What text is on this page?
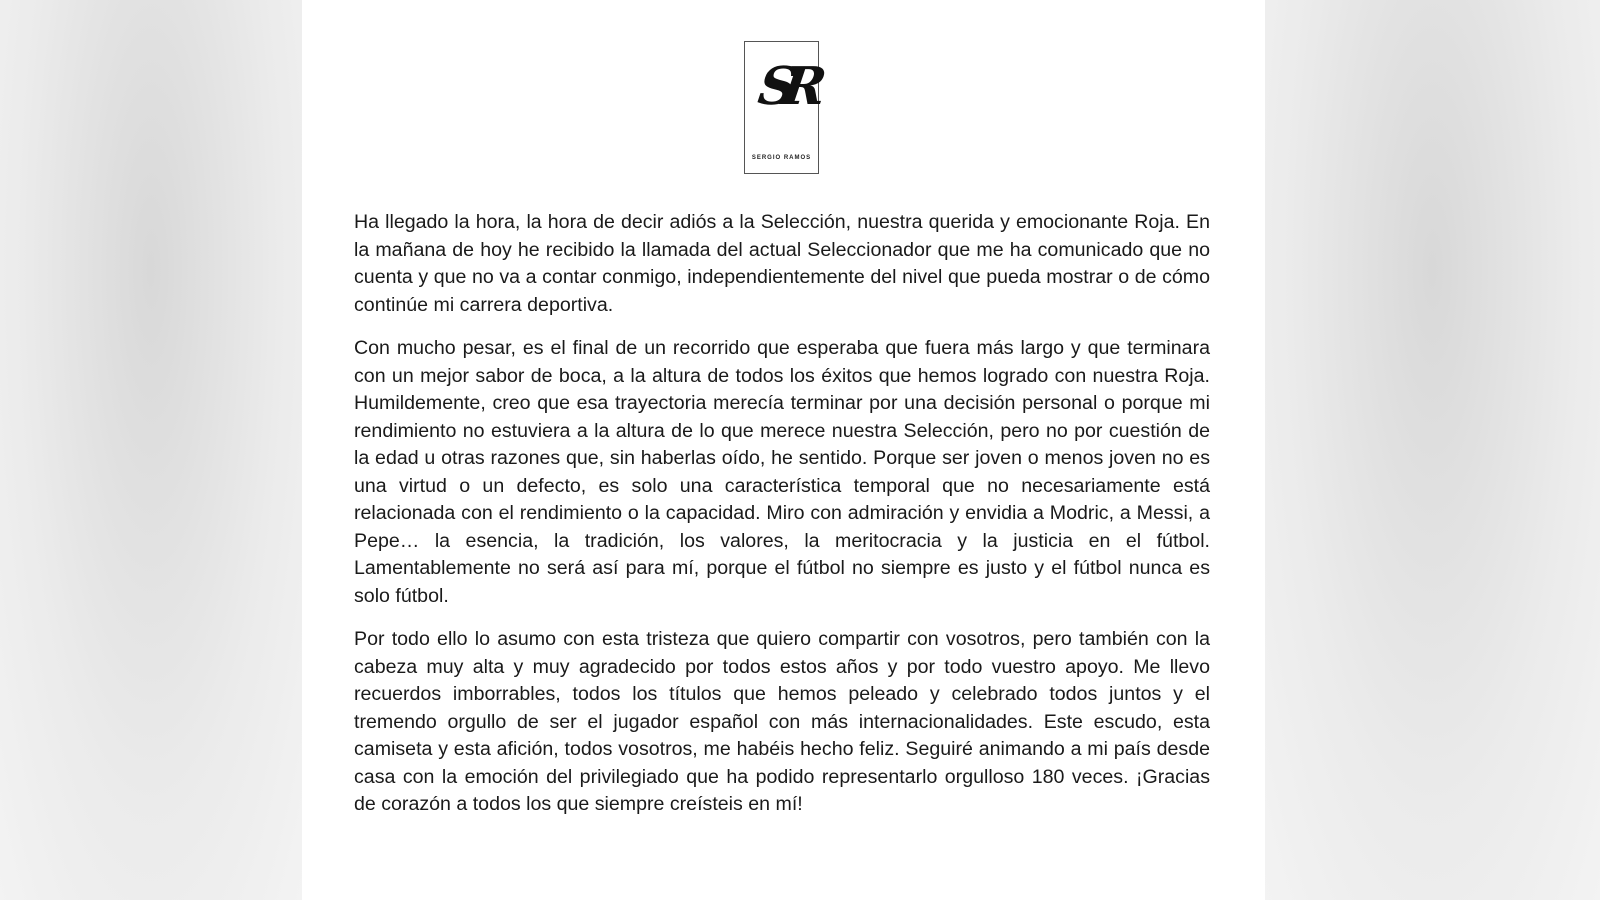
SR
SERGIO RAMOS

Ha llegado la hora, la hora de decir adiós a la Selección, nuestra querida y emocionante Roja. En la mañana de hoy he recibido la llamada del actual Seleccionador que me ha comunicado que no cuenta y que no va a contar conmigo, independientemente del nivel que pueda mostrar o de cómo continúe mi carrera deportiva.

Con mucho pesar, es el final de un recorrido que esperaba que fuera más largo y que terminara con un mejor sabor de boca, a la altura de todos los éxitos que hemos logrado con nuestra Roja. Humildemente, creo que esa trayectoria merecía terminar por una decisión personal o porque mi rendimiento no estuviera a la altura de lo que merece nuestra Selección, pero no por cuestión de la edad u otras razones que, sin haberlas oído, he sentido. Porque ser joven o menos joven no es una virtud o un defecto, es solo una característica temporal que no necesariamente está relacionada con el rendimiento o la capacidad. Miro con admiración y envidia a Modric, a Messi, a Pepe… la esencia, la tradición, los valores, la meritocracia y la justicia en el fútbol. Lamentablemente no será así para mí, porque el fútbol no siempre es justo y el fútbol nunca es solo fútbol.

Por todo ello lo asumo con esta tristeza que quiero compartir con vosotros, pero también con la cabeza muy alta y muy agradecido por todos estos años y por todo vuestro apoyo. Me llevo recuerdos imborrables, todos los títulos que hemos peleado y celebrado todos juntos y el tremendo orgullo de ser el jugador español con más internacionalidades. Este escudo, esta camiseta y esta afición, todos vosotros, me habéis hecho feliz. Seguiré animando a mi país desde casa con la emoción del privilegiado que ha podido representarlo orgulloso 180 veces. ¡Gracias de corazón a todos los que siempre creísteis en mí!
